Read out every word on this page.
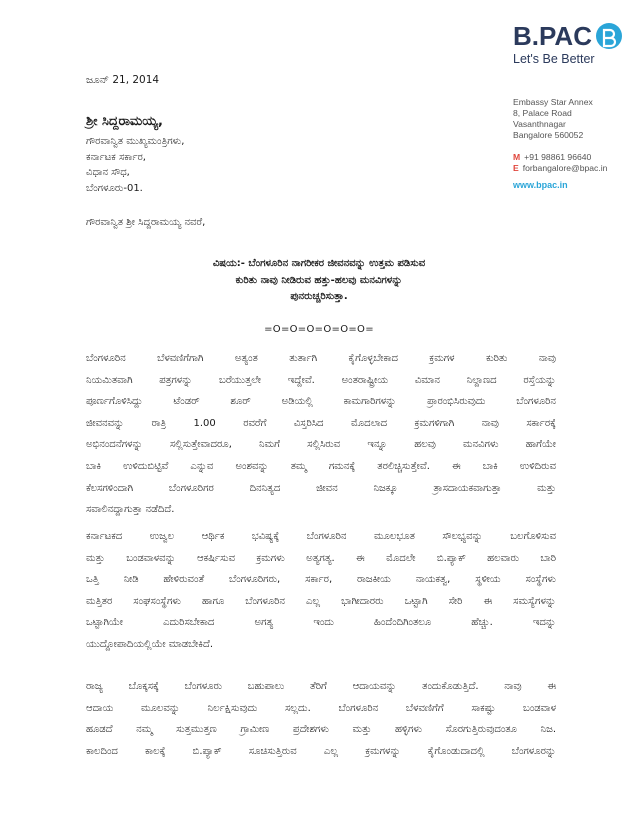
B.PAC
Let's Be Better
Embassy Star Annex
8, Palace Road
Vasanthnagar
Bangalore 560052
M +91 98861 96640
E forbangalore@bpac.in
www.bpac.in
ಜೂನ್ 21, 2014
ಶ್ರೀ ಸಿದ್ದರಾಮಯ್ಯ,
ಗೌರವಾನ್ವಿತ ಮುಖ್ಯಮಂತ್ರಿಗಳು,
ಕರ್ನಾಟಕ ಸರ್ಕಾರ,
ವಿಧಾನ ಸೌಧ,
ಬೆಂಗಳೂರು-01.
ಗೌರವಾನ್ವಿತ ಶ್ರೀ ಸಿದ್ದರಾಮಯ್ಯ ನವರೆ,
ವಿಷಯ:- ಬೆಂಗಳೂರಿನ ನಾಗರೀಕರ ಜೀವನವನ್ನು ಉತ್ತಮ ಪಡಿಸುವ
ಕುರಿತು ನಾವು ನೀಡಿರುವ ಹತ್ತು-ಹಲವು ಮನವಿಗಳನ್ನು
ಪುನರುಚ್ಚರಿಸುತ್ತಾ.
=O=O=O=O=O=O=
ಬೆಂಗಳೂರಿನ ಬೆಳವಣಿಗೆಗಾಗಿ ಅತ್ಯಂತ ತುರ್ತಾಗಿ ಕೈಗೊಳ್ಳಬೇಕಾದ ಕ್ರಮಗಳ ಕುರಿತು ನಾವು
ನಿಯಮಿತವಾಗಿ ಪತ್ರಗಳನ್ನು ಬರೆಯುತ್ತಲೇ ಇದ್ದೇವೆ. ಅಂತರಾಷ್ಟ್ರೀಯ ವಿಮಾನ ನಿಲ್ದಾಣದ ರಸ್ತೆಯನ್ನು
ಪೂರ್ಣಗೊಳಿಸಿದ್ದು ಟೆಂಡರ್ ಶೂರ್ ಅಡಿಯಲ್ಲಿ ಕಾಮಗಾರಿಗಳನ್ನು ಪ್ರಾರಂಭಿಸಿರುವುದು ಬೆಂಗಳೂರಿನ
ಜೀವನವನ್ನು ರಾತ್ರಿ 1.00 ರವರೆಗೆ ವಿಸ್ತರಿಸಿದ ಮೊದಲಾದ ಕ್ರಮಗಳಿಗಾಗಿ ನಾವು ಸರ್ಕಾರಕ್ಕೆ
ಅಭಿನಂದನೆಗಳನ್ನು ಸಲ್ಲಿಸುತ್ತೇವಾದರೂ, ನಿಮಗೆ ಸಲ್ಲಿಸಿರುವ ಇನ್ನೂ ಹಲವು ಮನವಿಗಳು ಹಾಗೆಯೇ
ಬಾಕಿ ಉಳಿದುಬಿಟ್ಟಿವೆ ಎನ್ನುವ ಅಂಶವನ್ನು ತಮ್ಮ ಗಮನಕ್ಕೆ ತರಲಿಚ್ಚಿಸುತ್ತೇವೆ. ಈ ಬಾಕಿ ಉಳಿದಿರುವ
ಕೆಲಸಗಳಿಂದಾಗಿ ಬೆಂಗಳೂರಿಗರ ದಿನನಿತ್ಯದ ಜೀವನ ನಿಜಕ್ಕೂ ತ್ರಾಸದಾಯಕವಾಗುತ್ತಾ ಮತ್ತು
ಸವಾಲಿನದ್ದಾಗುತ್ತಾ ನಡೆದಿದೆ.
ಕರ್ನಾಟಕದ ಉಜ್ವಲ ಆರ್ಥಿಕ ಭವಿಷ್ಯಕ್ಕೆ ಬೆಂಗಳೂರಿನ ಮೂಲಭೂತ ಸೌಲಭ್ಯವನ್ನು ಬಲಗೊಳಿಸುವ
ಮತ್ತು ಬಂಡವಾಳವನ್ನು ಆಕರ್ಷಿಸುವ ಕ್ರಮಗಳು ಅತ್ಯಗತ್ಯ. ಈ ಮೊದಲೇ ಬಿ.ಪ್ಯಾಕ್ ಹಲವಾರು ಬಾರಿ
ಒತ್ತಿ ನೀಡಿ ಹೇಳಿರುವಂತೆ ಬೆಂಗಳೂರಿಗರು, ಸರ್ಕಾರ, ರಾಜಕೀಯ ನಾಯಕತ್ವ, ಸ್ಥಳೀಯ ಸಂಸ್ಥೆಗಳು
ಮತ್ತಿತರ ಸಂಘಸಂಸ್ಥೆಗಳು ಹಾಗೂ ಬೆಂಗಳೂರಿನ ಎಲ್ಲ ಭಾಗೀದಾರರು ಒಟ್ಟಾಗಿ ಸೇರಿ ಈ ಸಮಸ್ಯೆಗಳನ್ನು
ಒಟ್ಟಾಗಿಯೇ ಎದುರಿಸಬೇಕಾದ ಅಗತ್ಯ ಇಂದು ಹಿಂದೆಂದಿಗಿಂತಲೂ ಹೆಚ್ಚು. ಇದನ್ನು
ಯುದ್ದೋಪಾದಿಯಲ್ಲಿಯೇ ಮಾಡಬೇಕಿದೆ.
ರಾಜ್ಯ ಬೊಕ್ಕಸಕ್ಕೆ ಬೆಂಗಳೂರು ಬಹುಪಾಲು ತೆರಿಗೆ ಆದಾಯವನ್ನು ತಂದುಕೊಡುತ್ತಿದೆ. ನಾವು ಈ
ಆದಾಯ ಮೂಲವನ್ನು ನಿರ್ಲಕ್ಷಿಸುವುದು ಸಲ್ಲದು. ಬೆಂಗಳೂರಿನ ಬೆಳವಣಿಗೆಗೆ ಸಾಕಷ್ಟು ಬಂಡವಾಳ
ಹೂಡದೆ ನಮ್ಮ ಸುತ್ತಮುತ್ತಣ ಗ್ರಾಮೀಣ ಪ್ರದೇಶಗಳು ಮತ್ತು ಹಳ್ಳಿಗಳು ಸೊರಗುತ್ತಿರುವುದಂತೂ ನಿಜ.
ಕಾಲದಿಂದ ಕಾಲಕ್ಕೆ ಬಿ.ಪ್ಯಾಕ್ ಸೂಚಿಸುತ್ತಿರುವ ಎಲ್ಲ ಕ್ರಮಗಳನ್ನು ಕೈಗೊಂಡುದಾದಲ್ಲಿ ಬೆಂಗಳೂರನ್ನು
